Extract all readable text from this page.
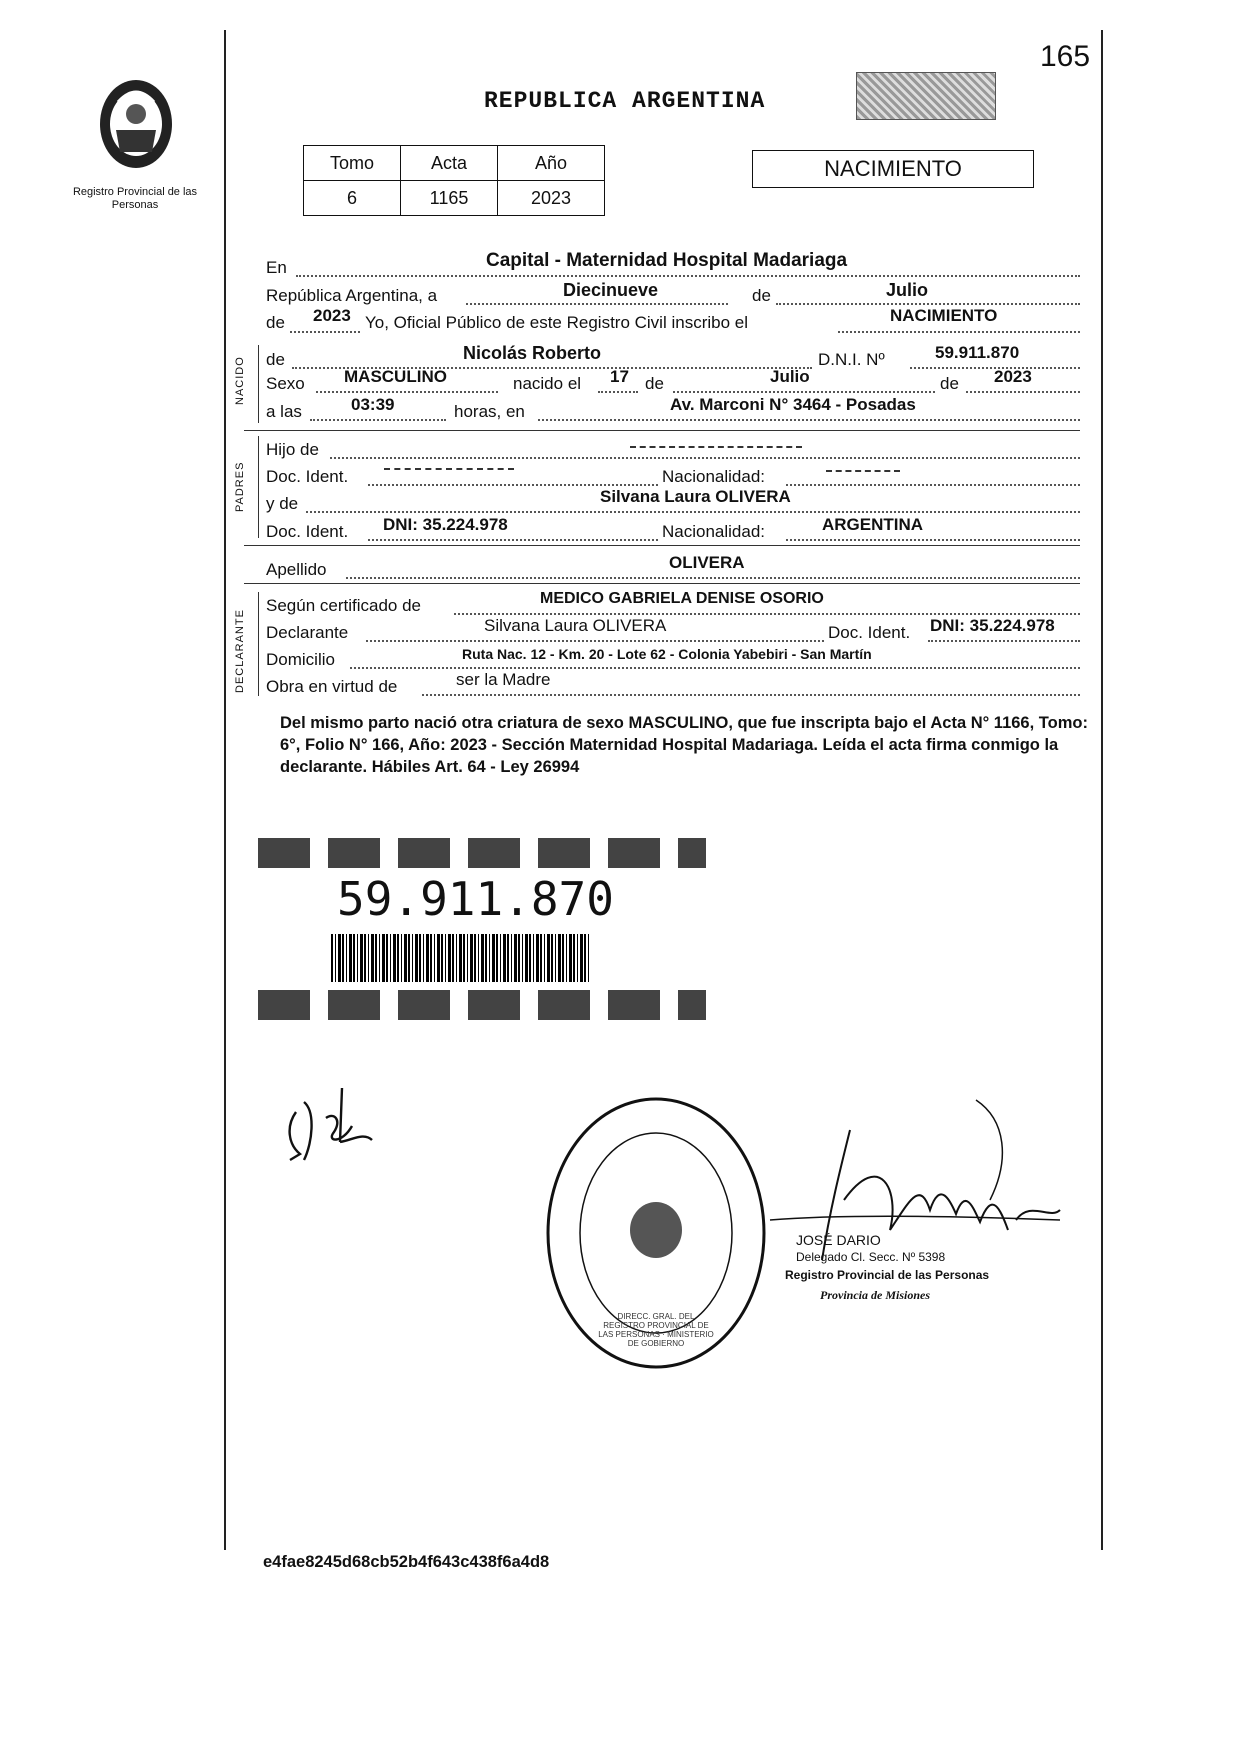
Registro Provincial de las Personas
REPUBLICA ARGENTINA
165
Tomo	Acta	Año
6	1165	2023
NACIMIENTO
En	Capital - Maternidad Hospital Madariaga
República Argentina, a	Diecinueve	de	Julio
de 2023 Yo, Oficial Público de este Registro Civil inscribo el	NACIMIENTO
NACIDO de	Nicolás Roberto	D.N.I. Nº	59.911.870
Sexo MASCULINO	nacido el 17 de	Julio	de 2023
a las	03:39	horas, en	Av. Marconi N° 3464 - Posadas
PADRES
Hijo de
Doc. Ident.	Nacionalidad:
y de	Silvana Laura OLIVERA
Doc. Ident. DNI: 35.224.978	Nacionalidad:	ARGENTINA
Apellido	OLIVERA
DECLARANTE
Según certificado de	MEDICO GABRIELA DENISE OSORIO
Declarante	Silvana Laura OLIVERA	Doc. Ident. DNI: 35.224.978
Domicilio	Ruta Nac. 12 - Km. 20 - Lote 62 - Colonia Yabebiri - San Martín
Obra en virtud de	ser la Madre
Del mismo parto nació otra criatura de sexo MASCULINO, que fue inscripta bajo el Acta N° 1166, Tomo: 6°, Folio N° 166, Año: 2023 - Sección Maternidad Hospital Madariaga. Leída el acta firma conmigo la declarante. Hábiles Art. 64 - Ley 26994
59.911.870
DIRECC. GRAL. DEL REGISTRO PROVINCIAL DE LAS PERSONAS · MINISTERIO DE GOBIERNO
JOSÉ DARIO
Delegado Cl. Secc. Nº 5398
Registro Provincial de las Personas
Provincia de Misiones
e4fae8245d68cb52b4f643c438f6a4d8
